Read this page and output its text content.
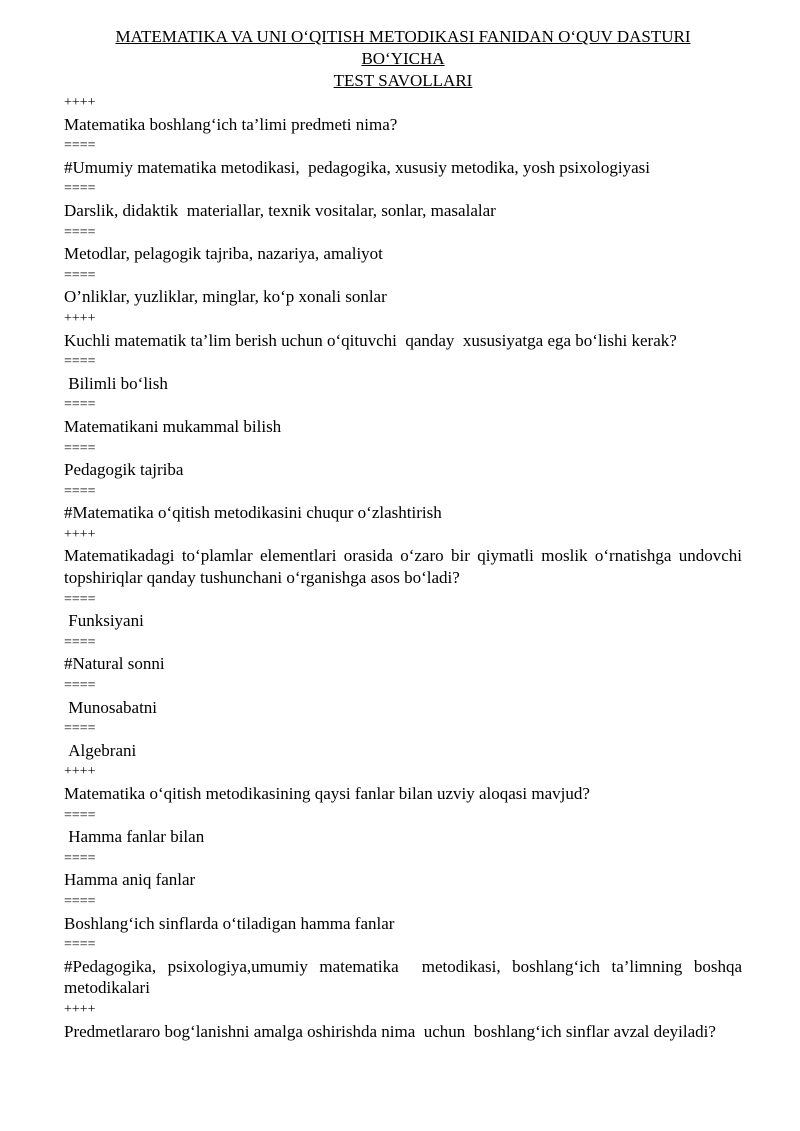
MATEMATIKA VA UNI O‘QITISH METODIKASI FANIDAN O‘QUV DASTURI

BO‘YICHA

TEST SAVOLLARI

++++

Matematika boshlang‘ich ta’limi predmeti nima?

====

#Umumiy matematika metodikasi,  pedagogika, xususiy metodika, yosh psixologiyasi

====

Darslik, didaktik  materiallar, texnik vositalar, sonlar, masalalar

====

Metodlar, pelagogik tajriba, nazariya, amaliyot

====

O’nliklar, yuzliklar, minglar, ko‘p xonali sonlar

++++

Kuchli matematik ta’lim berish uchun o‘qituvchi  qanday  xususiyatga ega bo‘lishi kerak?

====

Bilimli bo‘lish

====

Matematikani mukammal bilish

====

Pedagogik tajriba

====

#Matematika o‘qitish metodikasini chuqur o‘zlashtirish

++++

Matematikadagi to‘plamlar elementlari orasida o‘zaro bir qiymatli moslik o‘rnatishga undovchi topshiriqlar qanday tushunchani o‘rganishga asos bo‘ladi?

====

Funksiyani

====

#Natural sonni

====

Munosabatni

====

Algebrani

++++

Matematika o‘qitish metodikasining qaysi fanlar bilan uzviy aloqasi mavjud?

====

Hamma fanlar bilan

====

Hamma aniq fanlar

====

Boshlang‘ich sinflarda o‘tiladigan hamma fanlar

====

#Pedagogika, psixologiya,umumiy matematika  metodikasi, boshlang‘ich ta’limning boshqa metodikalari

++++

Predmetlararo bog‘lanishni amalga oshirishda nima  uchun  boshlang‘ich sinflar avzal deyiladi?
